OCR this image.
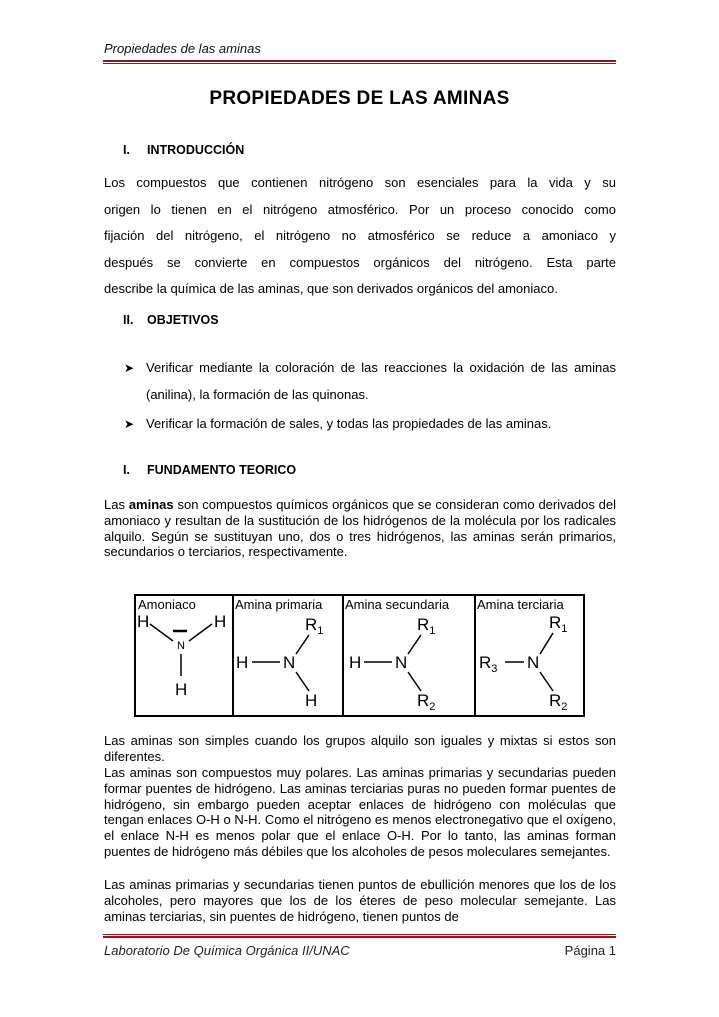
Propiedades de las aminas
PROPIEDADES DE LAS AMINAS
I. INTRODUCCIÓN
Los compuestos que contienen nitrógeno son esenciales para la vida y su
origen lo tienen en el nitrógeno atmosférico. Por un proceso conocido como
fijación del nitrógeno, el nitrógeno no atmosférico se reduce a amoniaco y
después se convierte en compuestos orgánicos del nitrógeno. Esta parte
describe la química de las aminas, que son derivados orgánicos del amoniaco.
II. OBJETIVOS
➤ Verificar mediante la coloración de las reacciones la oxidación de las aminas (anilina), la formación de las quinonas.
➤ Verificar la formación de sales, y todas las propiedades de las aminas.
I. FUNDAMENTO TEORICO
Las aminas son compuestos químicos orgánicos que se consideran como derivados del amoniaco y resultan de la sustitución de los hidrógenos de la molécula por los radicales alquilo. Según se sustituyan uno, dos o tres hidrógenos, las aminas serán primarios, secundarios o terciarios, respectivamente.
Amoniaco
H	H
N
H
Amina primaria
$R_1$
H N
H
Amina secundaria
$R_1$
H N
$R_2$
Amina terciaria
$R_1$
$R_3$ N
$R_2$
Las aminas son simples cuando los grupos alquilo son iguales y mixtas si estos son diferentes.
Las aminas son compuestos muy polares. Las aminas primarias y secundarias pueden formar puentes de hidrógeno. Las aminas terciarias puras no pueden formar puentes de hidrógeno, sin embargo pueden aceptar enlaces de hidrógeno con moléculas que tengan enlaces O-H o N-H. Como el nitrógeno es menos electronegativo que el oxígeno, el enlace N-H es menos polar que el enlace O-H. Por lo tanto, las aminas forman puentes de hidrógeno más débiles que los alcoholes de pesos moleculares semejantes.
Las aminas primarias y secundarias tienen puntos de ebullición menores que los de los alcoholes, pero mayores que los de los éteres de peso molecular semejante. Las aminas terciarias, sin puentes de hidrógeno, tienen puntos de
Laboratorio De Química Orgánica II/UNAC	Página 1
